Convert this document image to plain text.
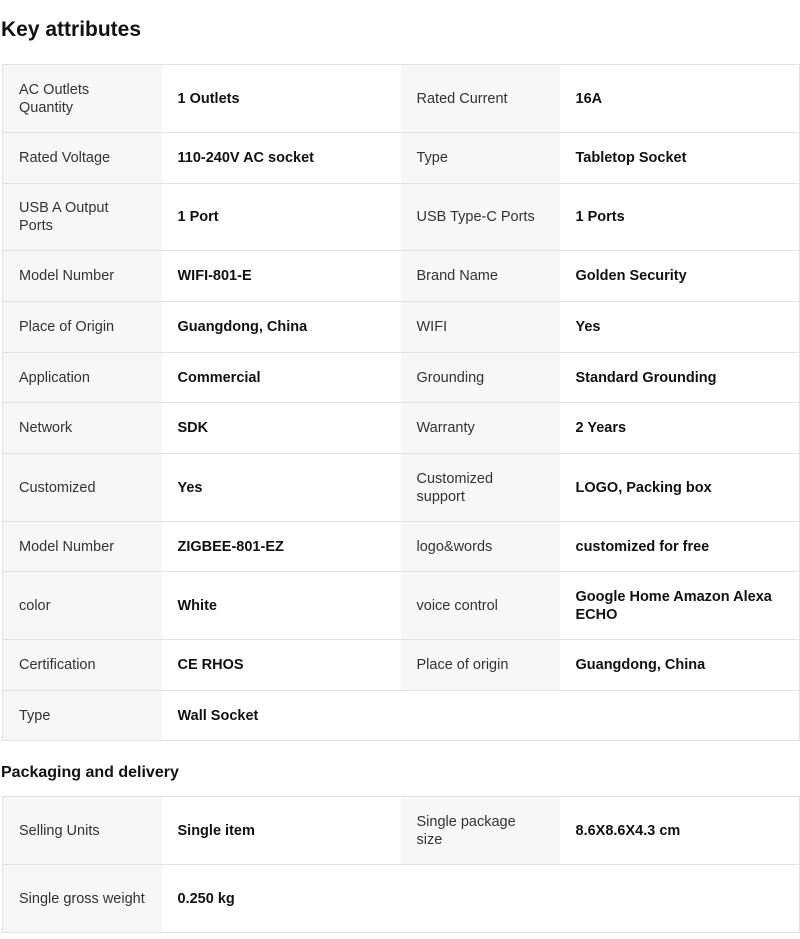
Key attributes
AC Outlets Quantity	1 Outlets	Rated Current	16A
Rated Voltage	110-240V AC socket	Type	Tabletop Socket
USB A Output Ports	1 Port	USB Type-C Ports	1 Ports
Model Number	WIFI-801-E	Brand Name	Golden Security
Place of Origin	Guangdong, China	WIFI	Yes
Application	Commercial	Grounding	Standard Grounding
Network	SDK	Warranty	2 Years
Customized	Yes	Customized support	LOGO, Packing box
Model Number	ZIGBEE-801-EZ	logo&words	customized for free
color	White	voice control	Google Home Amazon Alexa ECHO
Certification	CE RHOS	Place of origin	Guangdong, China
Type	Wall Socket		
Packaging and delivery
Selling Units	Single item	Single package size	8.6X8.6X4.3 cm
Single gross weight	0.250 kg		
